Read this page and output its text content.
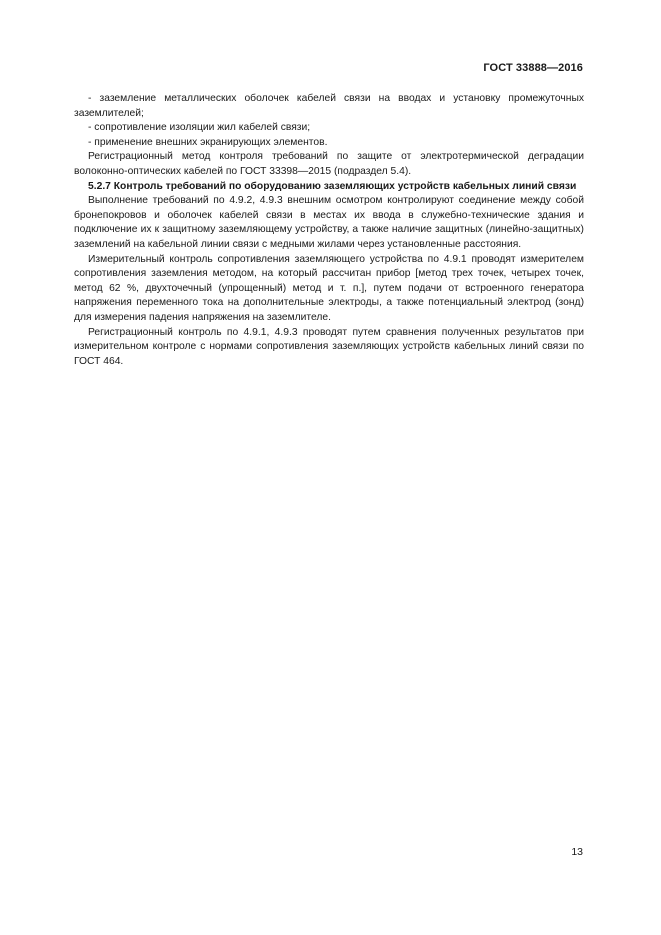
ГОСТ 33888—2016

- заземление металлических оболочек кабелей связи на вводах и установку промежуточных заземлителей;

- сопротивление изоляции жил кабелей связи;

- применение внешних экранирующих элементов.

Регистрационный метод контроля требований по защите от электротермической деградации волоконно-оптических кабелей по ГОСТ 33398—2015 (подраздел 5.4).

5.2.7 Контроль требований по оборудованию заземляющих устройств кабельных линий связи

Выполнение требований по 4.9.2, 4.9.3 внешним осмотром контролируют соединение между собой бронепокровов и оболочек кабелей связи в местах их ввода в служебно-технические здания и подключение их к защитному заземляющему устройству, а также наличие защитных (линейно-защитных) заземлений на кабельной линии связи с медными жилами через установленные расстояния.

Измерительный контроль сопротивления заземляющего устройства по 4.9.1 проводят измерителем сопротивления заземления методом, на который рассчитан прибор [метод трех точек, четырех точек, метод 62 %, двухточечный (упрощенный) метод и т. п.], путем подачи от встроенного генератора напряжения переменного тока на дополнительные электроды, а также потенциальный электрод (зонд) для измерения падения напряжения на заземлителе.

Регистрационный контроль по 4.9.1, 4.9.3 проводят путем сравнения полученных результатов при измерительном контроле с нормами сопротивления заземляющих устройств кабельных линий связи по ГОСТ 464.

13
